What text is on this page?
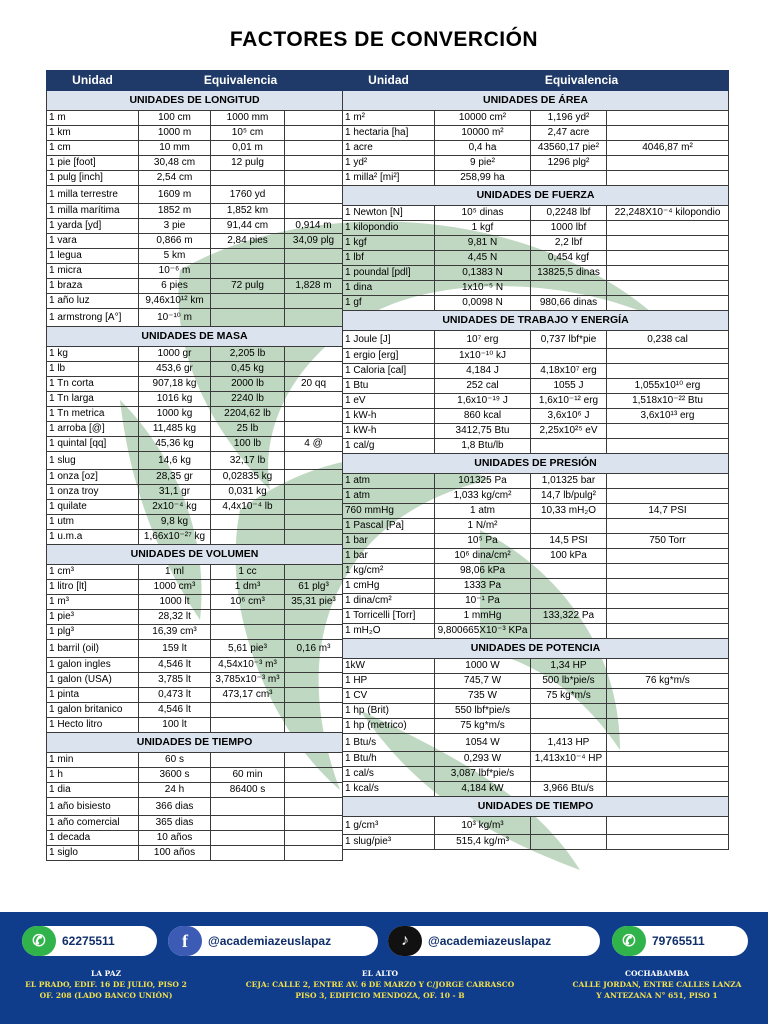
FACTORES DE CONVERCIÓN
Unidad	Equivalencia		
UNIDADES DE LONGITUD			
1 m	100 cm	1000 mm	
1 km	1000 m	10⁵ cm	
1 cm	10 mm	0,01 m	
1 pie [foot]	30,48 cm	12 pulg	
1 pulg [inch]	2,54 cm		
1 milla terrestre	1609 m	1760 yd	
1 milla marítima	1852 m	1,852 km	
1 yarda [yd]	3 pie	91,44 cm	0,914 m
1 vara	0,866 m	2,84 pies	34,09 plg
1 legua	5 km		
1 micra	10⁻⁶ m		
1 braza	6 pies	72 pulg	1,828 m
1 año luz	9,46x10¹² km		
1 armstrong [A°]	10⁻¹⁰ m		
UNIDADES DE MASA			
1 kg	1000 gr	2,205 lb	
1 lb	453,6 gr	0,45 kg	
1 Tn corta	907,18 kg	2000 lb	20 qq
1 Tn larga	1016 kg	2240 lb	
1 Tn metrica	1000 kg	2204,62 lb	
1 arroba [@]	11,485 kg	25 lb	
1 quintal [qq]	45,36 kg	100 lb	4 @
1 slug	14,6 kg	32,17 lb	
1 onza [oz]	28,35 gr	0,02835 kg	
1 onza troy	31,1 gr	0,031 kg	
1 quilate	2x10⁻⁴ kg	4,4x10⁻⁴ lb	
1 utm	9,8 kg		
1 u.m.a	1,66x10⁻²⁷ kg		
UNIDADES DE VOLUMEN			
1 cm³	1 ml	1 cc	
1 litro [lt]	1000 cm³	1 dm³	61 plg³
1 m³	1000 lt	10⁶ cm³	35,31 pie³
1 pie³	28,32 lt		
1 plg³	16,39 cm³		
1 barril (oil)	159 lt	5,61 pie³	0,16 m³
1 galon ingles	4,546 lt	4,54x10⁻³ m³	
1 galon (USA)	3,785 lt	3,785x10⁻³ m³	
1 pinta	0,473 lt	473,17 cm³	
1 galon britanico	4,546 lt		
1 Hecto litro	100 lt		
UNIDADES DE TIEMPO			
1 min	60 s		
1 h	3600 s	60 min	
1 dia	24 h	86400 s	
1 año bisiesto	366 dias		
1 año comercial	365 dias		
1 decada	10 años		
1 siglo	100 años		
Unidad	Equivalencia		
UNIDADES DE ÁREA			
1 m²	10000 cm²	1,196 yd²	
1 hectaria [ha]	10000 m²	2,47 acre	
1 acre	0,4 ha	43560,17 pie²	4046,87 m²
1 yd²	9 pie²	1296 plg²	
1 milla² [mi²]	258,99 ha		
UNIDADES DE FUERZA			
1 Newton [N]	10⁵ dinas	0,2248 lbf	22,248X10⁻⁴ kilopondio
1 kilopondio	1 kgf	1000 lbf	
1 kgf	9,81 N	2,2 lbf	
1 lbf	4,45 N	0,454 kgf	
1 poundal [pdl]	0,1383 N	13825,5 dinas	
1 dina	1x10⁻⁵ N		
1 gf	0,0098 N	980,66 dinas	
UNIDADES DE TRABAJO Y ENERGÍA			
1 Joule [J]	10⁷ erg	0,737 lbf*pie	0,238 cal
1 ergio [erg]	1x10⁻¹⁰ kJ		
1 Caloria [cal]	4,184 J	4,18x10⁷ erg	
1 Btu	252 cal	1055 J	1,055x10¹⁰ erg
1 eV	1,6x10⁻¹⁹ J	1,6x10⁻¹² erg	1,518x10⁻²² Btu
1 kW-h	860 kcal	3,6x10⁶ J	3,6x10¹³ erg
1 kW-h	3412,75 Btu	2,25x10²⁵ eV	
1 cal/g	1,8 Btu/lb		
UNIDADES DE PRESIÓN			
1 atm	101325 Pa	1,01325 bar	
1 atm	1,033 kg/cm²	14,7 lb/pulg²	
760 mmHg	1 atm	10,33 mH₂O	14,7 PSI
1 Pascal [Pa]	1 N/m²		
1 bar	10⁵ Pa	14,5 PSI	750 Torr
1 bar	10⁶ dina/cm²	100 kPa	
1 kg/cm²	98,06 kPa		
1 cmHg	1333 Pa		
1 dina/cm²	10⁻¹ Pa		
1 Torricelli [Torr]	1 mmHg	133,322 Pa	
1 mH₂O	9,800665X10⁻³ KPa		
UNIDADES DE POTENCIA			
1kW	1000 W	1,34 HP	
1 HP	745,7 W	500 lb*pie/s	76 kg*m/s
1 CV	735 W	75 kg*m/s	
1 hp (Brit)	550 lbf*pie/s		
1 hp (metrico)	75 kg*m/s		
1 Btu/s	1054 W	1,413 HP	
1 Btu/h	0,293 W	1,413x10⁻⁴ HP	
1 cal/s	3,087 lbf*pie/s		
1 kcal/s	4,184 kW	3,966 Btu/s	
UNIDADES DE TIEMPO			
1 g/cm³	10³ kg/m³		
1 slug/pie³	515,4 kg/m³		
✆	62275511	f	@academiazeuslapaz	♪	@academiazeuslapaz	✆	79765511
LA PAZ
EL PRADO, EDIF. 16 DE JULIO, PISO 2
OF. 208 (LADO BANCO UNIÓN)
EL ALTO
CEJA: CALLE 2, ENTRE AV. 6 DE MARZO Y C/JORGE CARRASCO
PISO 3, EDIFICIO MENDOZA, OF. 10 - B
COCHABAMBA
CALLE JORDAN, ENTRE CALLES LANZA
Y ANTEZANA N° 651, PISO 1
